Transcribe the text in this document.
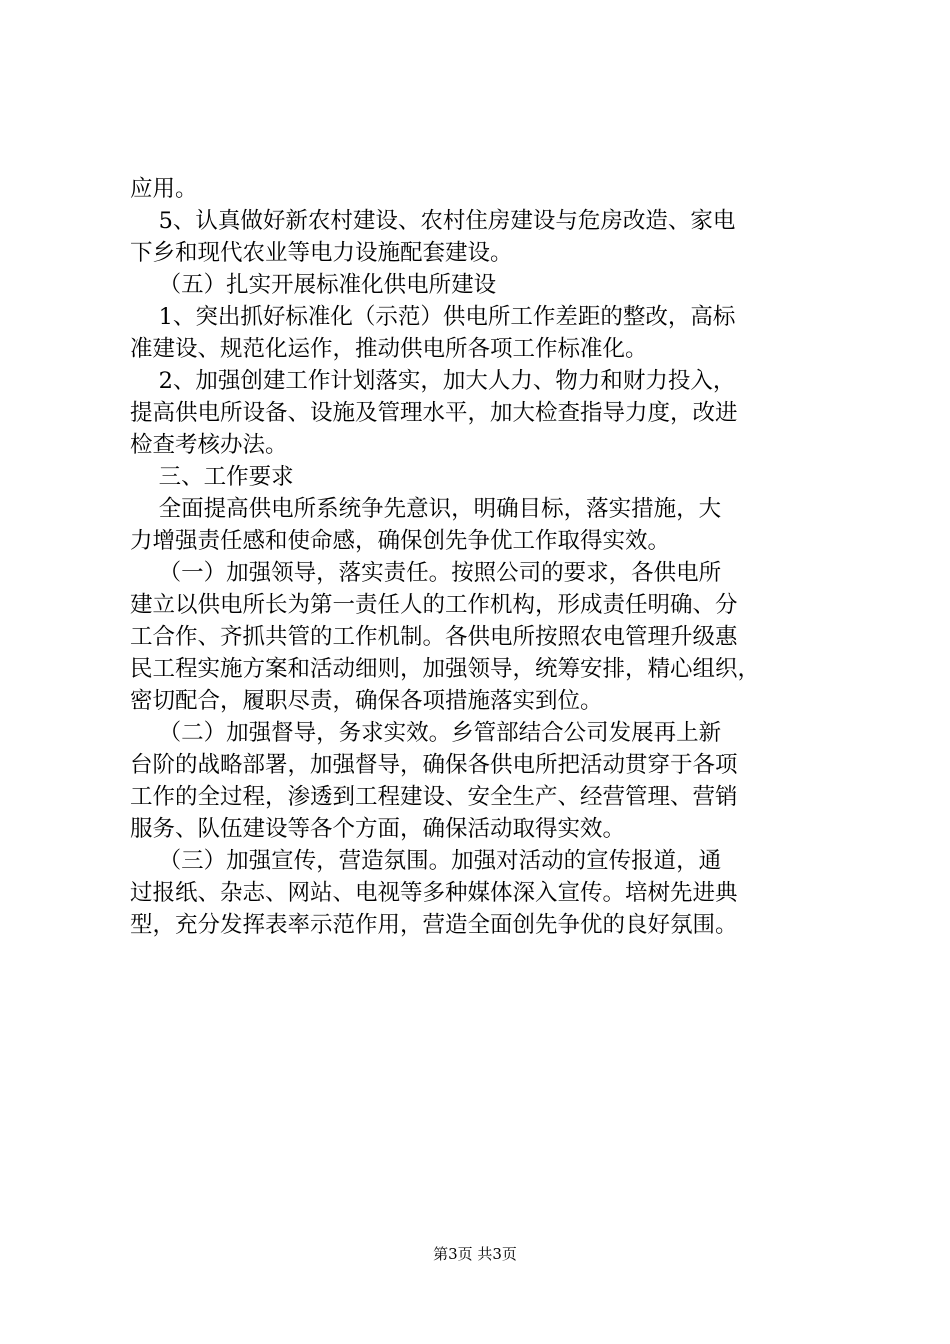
应用。
5、认真做好新农村建设、农村住房建设与危房改造、家电
下乡和现代农业等电力设施配套建设。
（五）扎实开展标准化供电所建设
1、突出抓好标准化（示范）供电所工作差距的整改，高标
准建设、规范化运作，推动供电所各项工作标准化。
2、加强创建工作计划落实，加大人力、物力和财力投入，
提高供电所设备、设施及管理水平，加大检查指导力度，改进
检查考核办法。
三、工作要求
全面提高供电所系统争先意识，明确目标，落实措施，大
力增强责任感和使命感，确保创先争优工作取得实效。
（一）加强领导，落实责任。按照公司的要求，各供电所
建立以供电所长为第一责任人的工作机构，形成责任明确、分
工合作、齐抓共管的工作机制。各供电所按照农电管理升级惠
民工程实施方案和活动细则，加强领导，统筹安排，精心组织，
密切配合，履职尽责，确保各项措施落实到位。
（二）加强督导，务求实效。乡管部结合公司发展再上新
台阶的战略部署，加强督导，确保各供电所把活动贯穿于各项
工作的全过程，渗透到工程建设、安全生产、经营管理、营销
服务、队伍建设等各个方面，确保活动取得实效。
（三）加强宣传，营造氛围。加强对活动的宣传报道，通
过报纸、杂志、网站、电视等多种媒体深入宣传。培树先进典
型，充分发挥表率示范作用，营造全面创先争优的良好氛围。
第3页 共3页
